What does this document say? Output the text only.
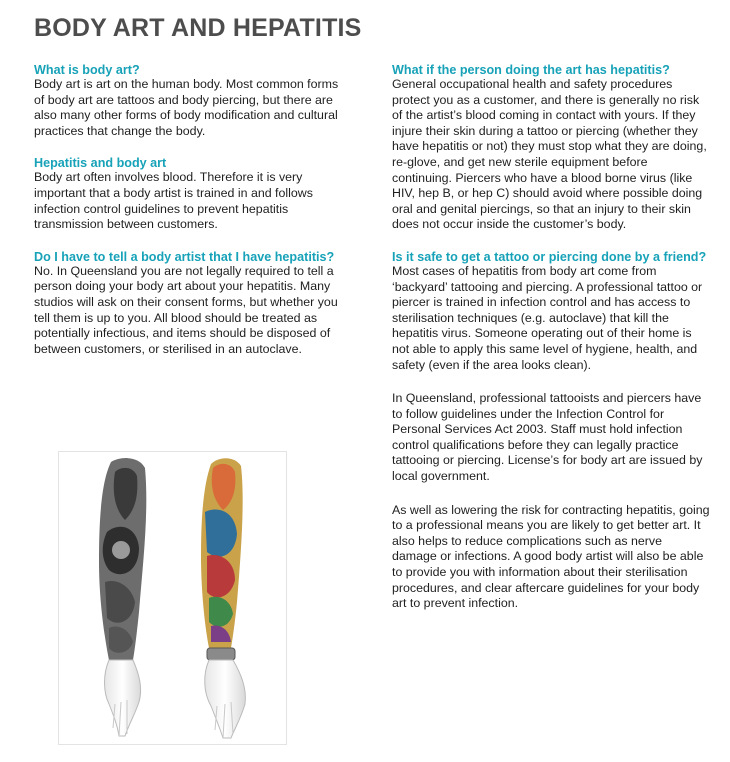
BODY ART AND HEPATITIS
What is body art?

Body art is art on the human body. Most common forms of body art are tattoos and body piercing, but there are also many other forms of body modification and cultural practices that change the body.

Hepatitis and body art

Body art often involves blood. Therefore it is very important that a body artist is trained in and follows infection control guidelines to prevent hepatitis transmission between customers.

Do I have to tell a body artist that I have hepatitis?

No. In Queensland you are not legally required to tell a person doing your body art about your hepatitis. Many studios will ask on their consent forms, but whether you tell them is up to you. All blood should be treated as potentially infectious, and items should be disposed of between customers, or sterilised in an autoclave.

What if the person doing the art has hepatitis?

General occupational health and safety procedures protect you as a customer, and there is generally no risk of the artist’s blood coming in contact with yours. If they injure their skin during a tattoo or piercing (whether they have hepatitis or not) they must stop what they are doing, re-glove, and get new sterile equipment before continuing. Piercers who have a blood borne virus (like HIV, hep B, or hep C) should avoid where possible doing oral and genital piercings, so that an injury to their skin does not occur inside the customer’s body.

Is it safe to get a tattoo or piercing done by a friend?

Most cases of hepatitis from body art come from ‘backyard’ tattooing and piercing. A professional tattoo or piercer is trained in infection control and has access to sterilisation techniques (e.g. autoclave) that kill the hepatitis virus. Someone operating out of their home is not able to apply this same level of hygiene, health, and safety (even if the area looks clean).

In Queensland, professional tattooists and piercers have to follow guidelines under the Infection Control for Personal Services Act 2003. Staff must hold infection control qualifications before they can legally practice tattooing or piercing. License’s for body art are issued by local government.

As well as lowering the risk for contracting hepatitis, going to a professional means you are likely to get better art. It also helps to reduce complications such as nerve damage or infections. A good body artist will also be able to provide you with information about their sterilisation procedures, and clear aftercare guidelines for your body art to prevent infection.
